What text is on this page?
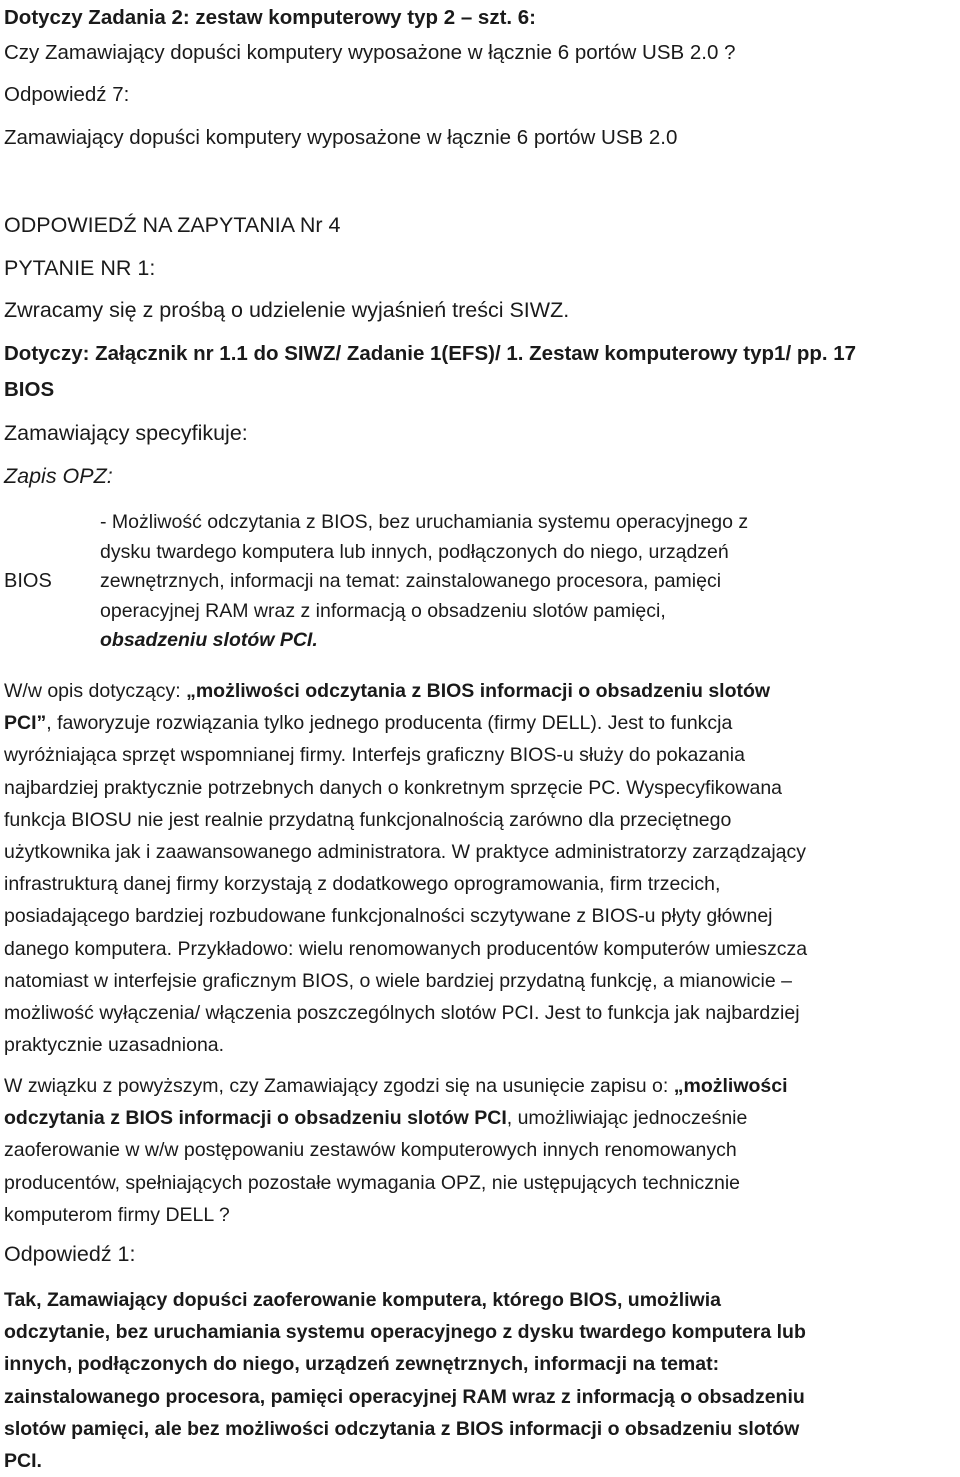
Dotyczy Zadania 2: zestaw komputerowy typ 2 – szt. 6:
Czy Zamawiający dopuści komputery wyposażone w łącznie 6 portów USB 2.0 ?
Odpowiedź 7:
Zamawiający dopuści komputery wyposażone w łącznie 6 portów USB 2.0
ODPOWIEDŹ NA ZAPYTANIA Nr 4
PYTANIE NR 1:
Zwracamy się z prośbą o udzielenie wyjaśnień treści SIWZ.
Dotyczy: Załącznik nr 1.1 do SIWZ/ Zadanie 1(EFS)/ 1. Zestaw komputerowy typ1/ pp. 17
BIOS
Zamawiający specyfikuje:
Zapis OPZ:
BIOS
- Możliwość odczytania z BIOS, bez uruchamiania systemu operacyjnego z
dysku twardego komputera lub innych, podłączonych do niego, urządzeń
zewnętrznych, informacji na temat: zainstalowanego procesora, pamięci
operacyjnej RAM wraz z informacją o obsadzeniu slotów pamięci,
obsadzeniu slotów PCI.
W/w opis dotyczący: „możliwości odczytania z BIOS informacji o obsadzeniu slotów
PCI”, faworyzuje rozwiązania tylko jednego producenta (firmy DELL). Jest to funkcja
wyróżniająca sprzęt wspomnianej firmy. Interfejs graficzny BIOS-u służy do pokazania
najbardziej praktycznie potrzebnych danych o konkretnym sprzęcie PC. Wyspecyfikowana
funkcja BIOSU nie jest realnie przydatną funkcjonalnością zarówno dla przeciętnego
użytkownika jak i zaawansowanego administratora. W praktyce administratorzy zarządzający
infrastrukturą danej firmy korzystają z dodatkowego oprogramowania, firm trzecich,
posiadającego bardziej rozbudowane funkcjonalności sczytywane z BIOS-u płyty głównej
danego komputera. Przykładowo: wielu renomowanych producentów komputerów umieszcza
natomiast w interfejsie graficznym BIOS, o wiele bardziej przydatną funkcję, a mianowicie –
możliwość wyłączenia/ włączenia poszczególnych slotów PCI. Jest to funkcja jak najbardziej
praktycznie uzasadniona.
W związku z powyższym, czy Zamawiający zgodzi się na usunięcie zapisu o: „możliwości
odczytania z BIOS informacji o obsadzeniu slotów PCI, umożliwiając jednocześnie
zaoferowanie w w/w postępowaniu zestawów komputerowych innych renomowanych
producentów, spełniających pozostałe wymagania OPZ, nie ustępujących technicznie
komputerom firmy DELL ?
Odpowiedź 1:
Tak, Zamawiający dopuści zaoferowanie komputera, którego BIOS, umożliwia
odczytanie, bez uruchamiania systemu operacyjnego z dysku twardego komputera lub
innych, podłączonych do niego, urządzeń zewnętrznych, informacji na temat:
zainstalowanego procesora, pamięci operacyjnej RAM wraz z informacją o obsadzeniu
slotów pamięci, ale bez możliwości odczytania z BIOS informacji o obsadzeniu slotów
PCI.
